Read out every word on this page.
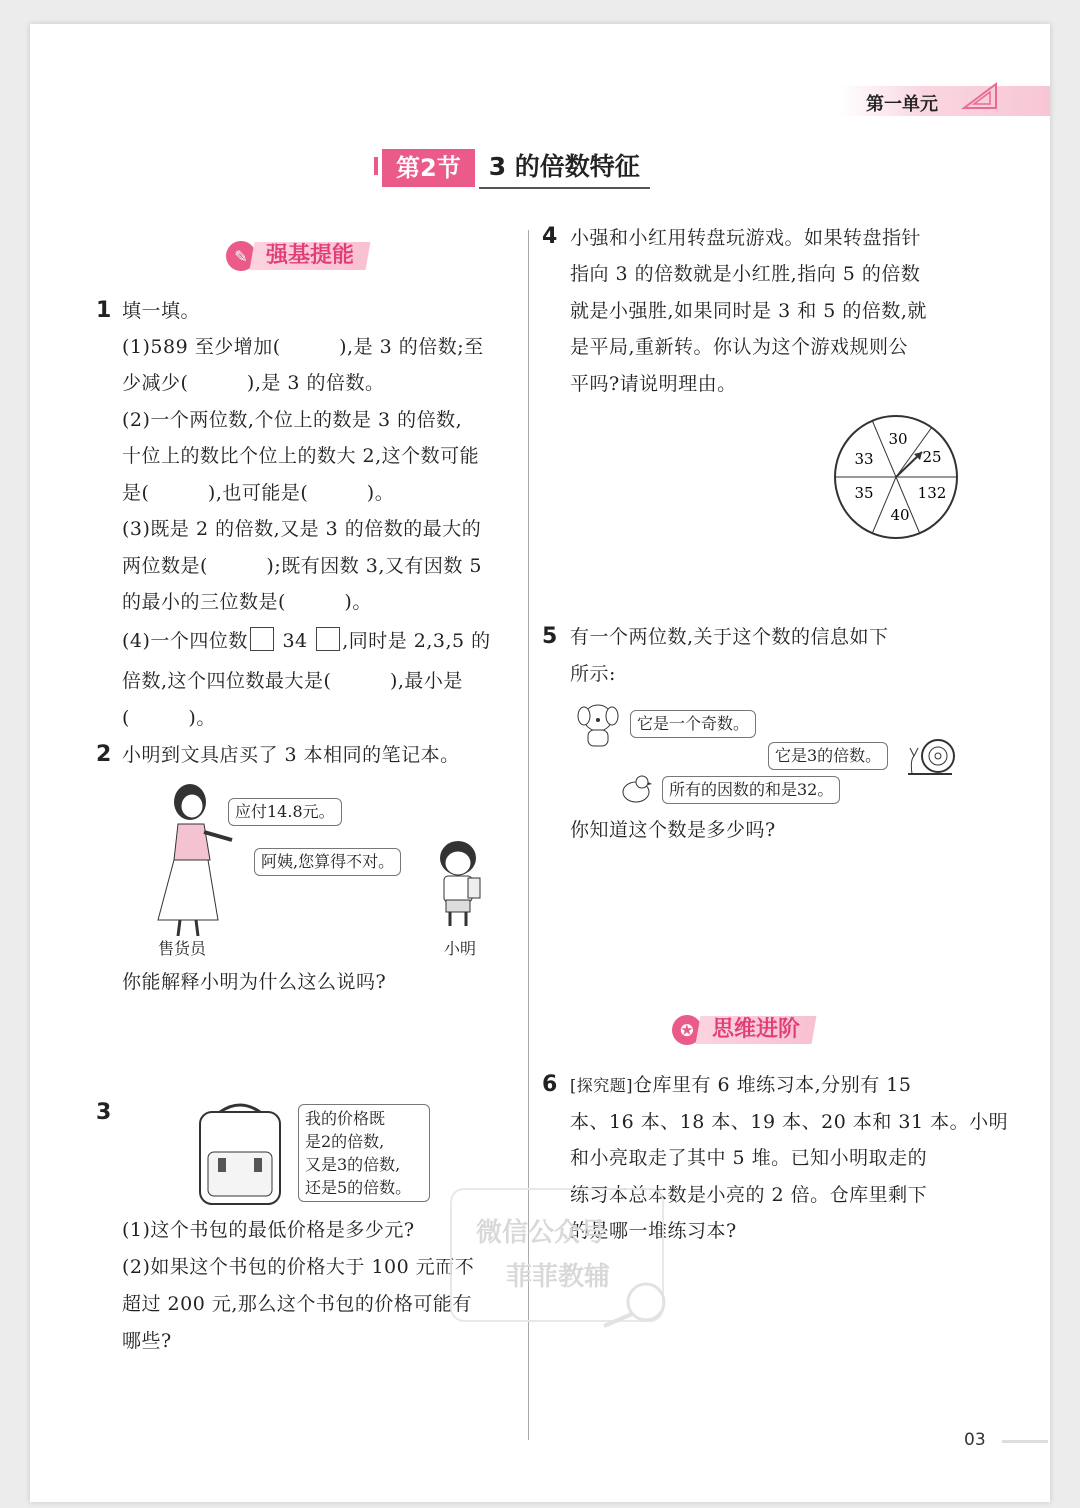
第一单元
第2节	3 的倍数特征
✎ 强基提能
1 填一填。
(1)589 至少增加(　　　),是 3 的倍数;至
少减少(　　　),是 3 的倍数。
(2)一个两位数,个位上的数是 3 的倍数,
十位上的数比个位上的数大 2,这个数可能
是(　　　),也可能是(　　　)。
(3)既是 2 的倍数,又是 3 的倍数的最大的
两位数是(　　　);既有因数 3,又有因数 5
的最小的三位数是(　　　)。
(4)一个四位数 34 ,同时是 2,3,5 的
倍数,这个四位数最大是(　　　),最小是
(　　　)。
2 小明到文具店买了 3 本相同的笔记本。
应付14.8元。
阿姨,您算得不对。
售货员	小明
你能解释小明为什么这么说吗?
3	我的价格既
是2的倍数,
又是3的倍数,
还是5的倍数。
(1)这个书包的最低价格是多少元?
(2)如果这个书包的价格大于 100 元而不
超过 200 元,那么这个书包的价格可能有
哪些?
4 小强和小红用转盘玩游戏。如果转盘指针
指向 3 的倍数就是小红胜,指向 5 的倍数
就是小强胜,如果同时是 3 和 5 的倍数,就
是平局,重新转。你认为这个游戏规则公
平吗?请说明理由。
30
25
132
40
35
33
5 有一个两位数,关于这个数的信息如下
所示:
它是一个奇数。
它是3的倍数。
所有的因数的和是32。
你知道这个数是多少吗?
✪ 思维进阶
6 [探究题]仓库里有 6 堆练习本,分别有 15
本、16 本、18 本、19 本、20 本和 31 本。小明
和小亮取走了其中 5 堆。已知小明取走的
练习本总本数是小亮的 2 倍。仓库里剩下
的是哪一堆练习本?
微信公众号
菲菲教辅
03
